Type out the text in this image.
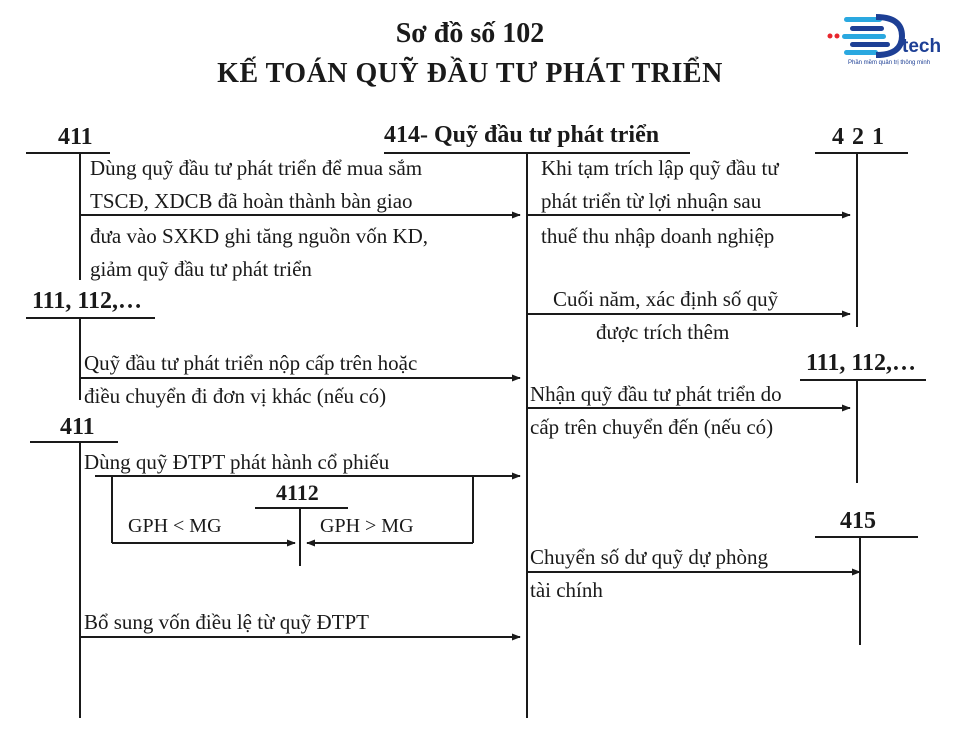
Sơ đồ số 102
KẾ TOÁN QUỸ ĐẦU TƯ PHÁT TRIỂN
tech
Phần mềm quản trị thông minh
411	414- Quỹ đầu tư phát triển	4 2 1
111, 112,…
111, 112,…
411
4112
415
Dùng quỹ đầu tư phát triển để mua sắm
TSCĐ, XDCB đã hoàn thành bàn giao
đưa vào SXKD ghi tăng nguồn vốn KD,
giảm quỹ đầu tư phát triển
Quỹ đầu tư phát triển nộp cấp trên hoặc
điều chuyển đi đơn vị khác (nếu có)
Dùng quỹ ĐTPT phát hành cổ phiếu
GPH < MG	GPH > MG
Bổ sung vốn điều lệ từ quỹ ĐTPT
Khi tạm trích lập quỹ đầu tư
phát triển từ lợi nhuận sau
thuế thu nhập doanh nghiệp
Cuối năm, xác định số quỹ
được trích thêm
Nhận quỹ đầu tư phát triển do
cấp trên chuyển đến (nếu có)
Chuyển số dư quỹ dự phòng
tài chính
